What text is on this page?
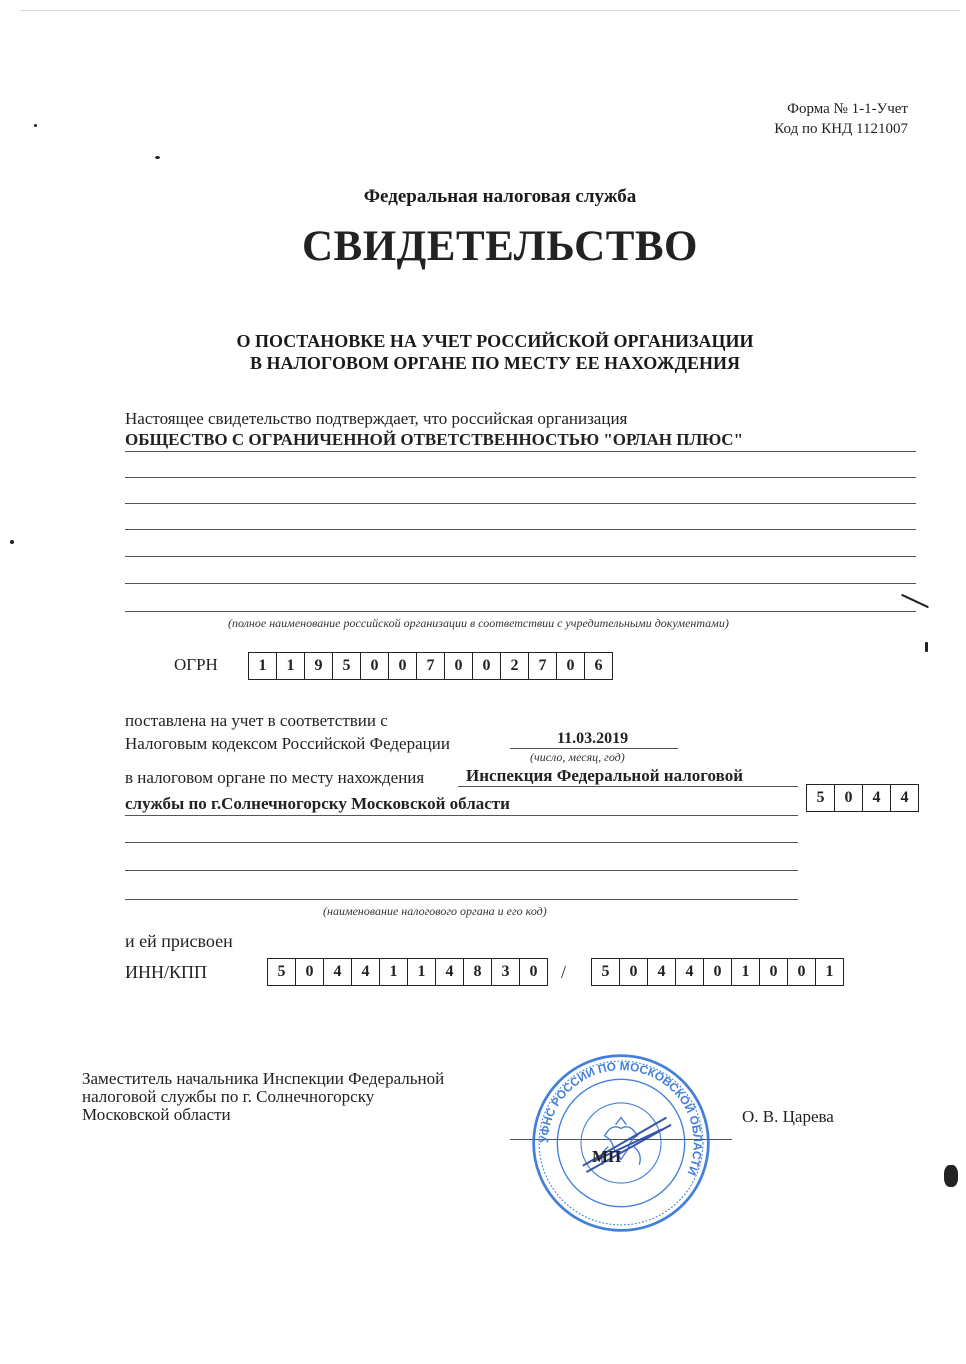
Форма № 1-1-Учет
Код по КНД 1121007
Федеральная налоговая служба
СВИДЕТЕЛЬСТВО
О ПОСТАНОВКЕ НА УЧЕТ РОССИЙСКОЙ ОРГАНИЗАЦИИ
В НАЛОГОВОМ ОРГАНЕ ПО МЕСТУ ЕЕ НАХОЖДЕНИЯ
Настоящее свидетельство подтверждает, что российская организация
ОБЩЕСТВО С ОГРАНИЧЕННОЙ ОТВЕТСТВЕННОСТЬЮ "ОРЛАН ПЛЮС"
(полное наименование российской организации в соответствии с учредительными документами)
ОГРН	1	1	9	5	0	0	7	0	0	2	7	0	6
поставлена на учет в соответствии с
Налоговым кодексом Российской Федерации	11.03.2019
(число, месяц, год)
в налоговом органе по месту нахождения Инспекция Федеральной налоговой
службы по г.Солнечногорску Московской области	5	0	4	4
(наименование налогового органа и его код)
и ей присвоен
ИНН/КПП	5	0	4	4	1	1	4	8	3	0	/	5	0	4	4	0	1	0	0	1
Заместитель начальника Инспекции Федеральной
налоговой службы по г. Солнечногорску
Московской области	О. В. Царева
УФНС РОССИИ ПО МОСКОВСКОЙ ОБЛАСТИ
МП
